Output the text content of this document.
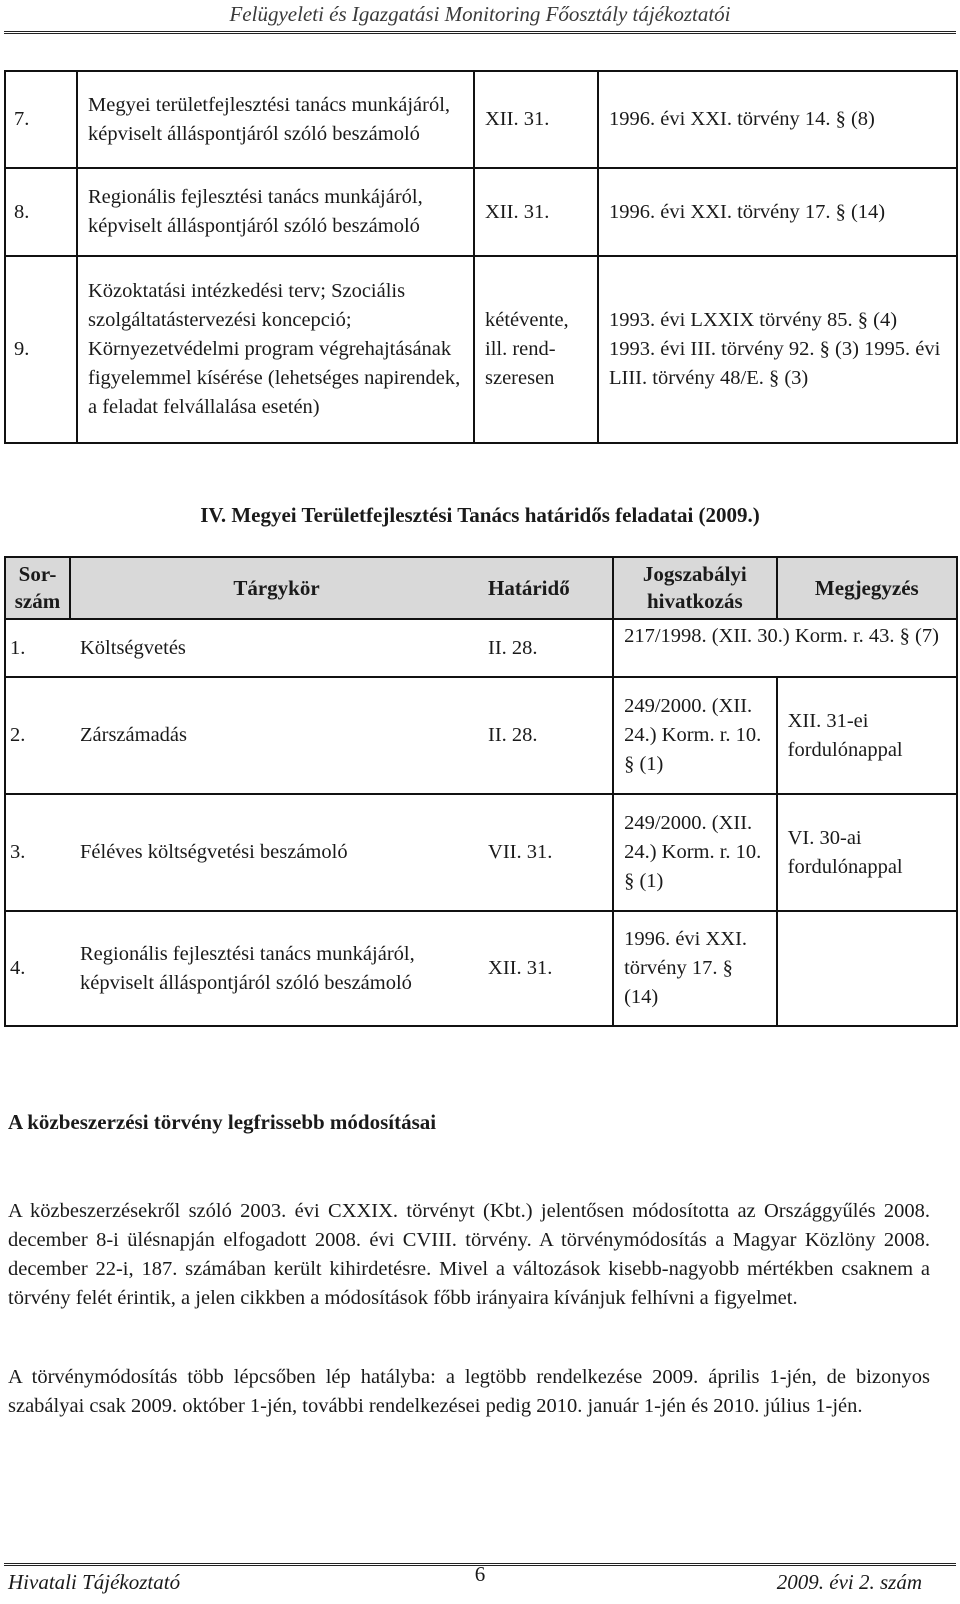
Felügyeleti és Igazgatási Monitoring Főosztály tájékoztatói
7.	Megyei területfejlesztési tanács munkájáról, képviselt álláspontjáról szóló beszámoló	XII. 31.	1996. évi XXI. törvény 14. § (8)
8.	Regionális fejlesztési tanács munkájáról, képviselt álláspontjáról szóló beszámoló	XII. 31.	1996. évi XXI. törvény 17. § (14)
9.	Közoktatási intézkedési terv; Szociális szolgáltatástervezési koncepció; Környezetvédelmi program végrehajtásának figyelemmel kísérése (lehetséges napirendek, a feladat felvállalása esetén)	kétévente, ill. rend-szeresen	1993. évi LXXIX törvény 85. § (4) 1993. évi III. törvény 92. § (3) 1995. évi LIII. törvény 48/E. § (3)
IV. Megyei Területfejlesztési Tanács határidős feladatai (2009.)
Sor-szám	Tárgykör	Határidő	Jogszabályi hivatkozás	Megjegyzés
1.	Költségvetés	II. 28.	217/1998. (XII. 30.) Korm. r. 43. § (7)	
2.	Zárszámadás	II. 28.	249/2000. (XII. 24.) Korm. r. 10. § (1)	XII. 31-ei fordulónappal
3.	Féléves költségvetési beszámoló	VII. 31.	249/2000. (XII. 24.) Korm. r. 10. § (1)	VI. 30-ai fordulónappal
4.	Regionális fejlesztési tanács munkájáról, képviselt álláspontjáról szóló beszámoló	XII. 31.	1996. évi XXI. törvény 17. § (14)	
A közbeszerzési törvény legfrissebb módosításai
A közbeszerzésekről szóló 2003. évi CXXIX. törvényt (Kbt.) jelentősen módosította az Országgyűlés 2008. december 8-i ülésnapján elfogadott 2008. évi CVIII. törvény. A törvénymódosítás a Magyar Közlöny 2008. december 22-i, 187. számában került kihirdetésre. Mivel a változások kisebb-nagyobb mértékben csaknem a törvény felét érintik, a jelen cikkben a módosítások főbb irányaira kívánjuk felhívni a figyelmet.
A törvénymódosítás több lépcsőben lép hatályba: a legtöbb rendelkezése 2009. április 1-jén, de bizonyos szabályai csak 2009. október 1-jén, további rendelkezései pedig 2010. január 1-jén és 2010. július 1-jén.
Hivatali Tájékoztató	6	2009. évi 2. szám
